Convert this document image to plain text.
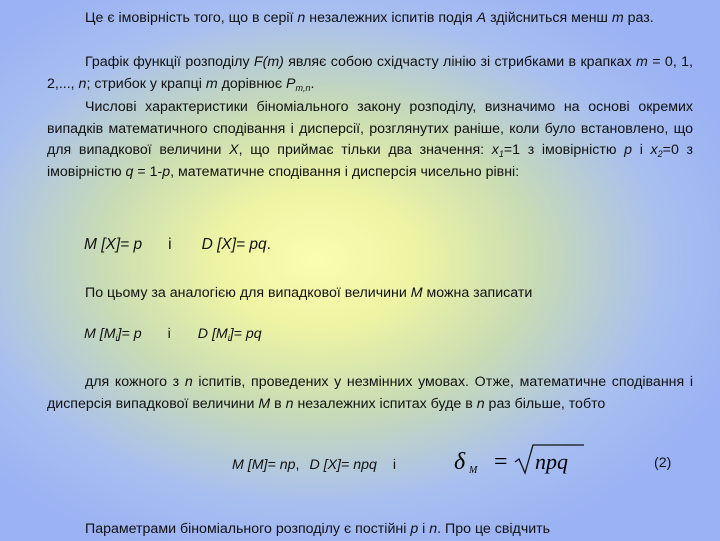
Це є імовірність того, що в серії n незалежних іспитів подія A здійсниться менш m раз.
Графік функції розподілу F(m) являє собою східчасту лінію зі стрибками в крапках m = 0, 1, 2,..., n; стрибок у крапці m дорівнює $P_{m,n}$.
Числові характеристики біноміального закону розподілу, визначимо на основі окремих випадків математичного сподівання і дисперсії, розглянутих раніше, коли було встановлено, що для випадкової величини X, що приймає тільки два значення: $x_1=1$ з імовірністю p і $x_2=0$ з імовірністю q = 1-p, математичне сподівання і дисперсія чисельно рівні:
M [X]= p і D [X]= pq.
По цьому за аналогією для випадкової величини M можна записати
M $[M_i]= p$ і D $[M_i]=$ pq
для кожного з n іспитів, проведених у незмінних умовах. Отже, математичне сподівання і дисперсія випадкової величини M в n незалежних іспитах буде в n раз більше, тобто
M [M]= np, D [X]= npq і δ M = npq	(2)
Параметрами біноміального розподілу є постійні p і n. Про це свідчить
